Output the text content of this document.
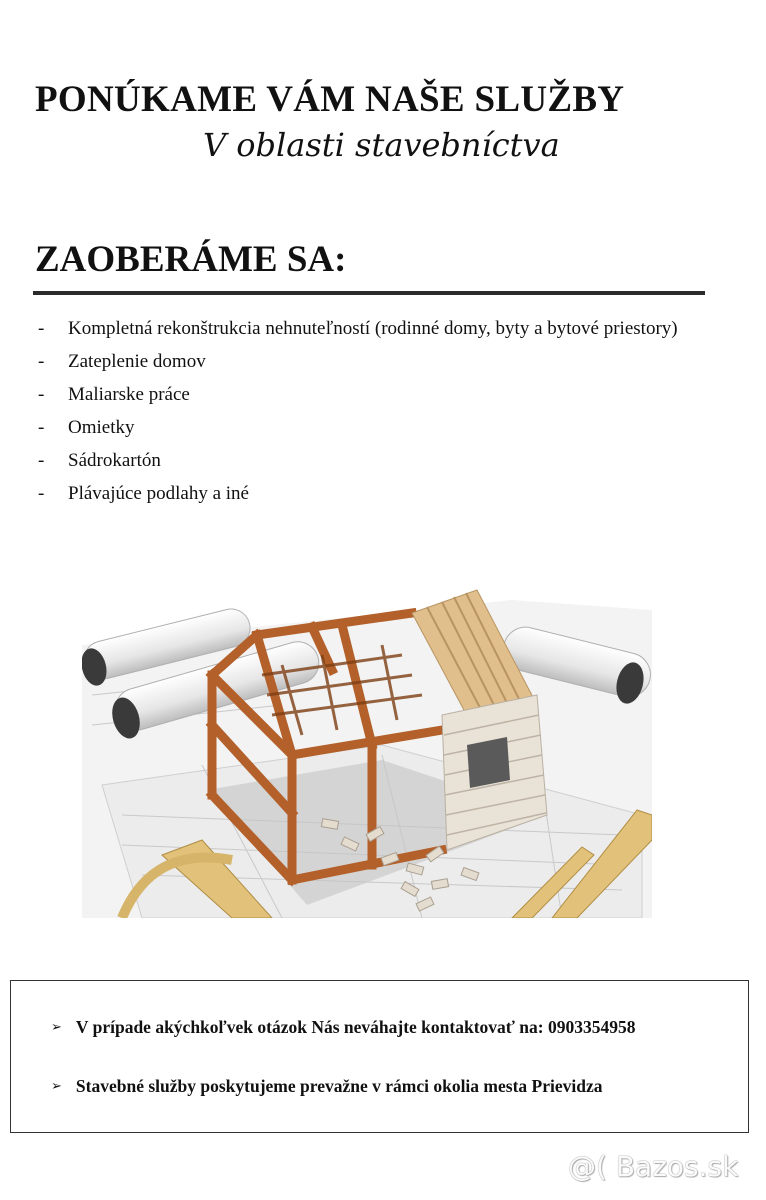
PONÚKAME VÁM NAŠE SLUŽBY
V oblasti stavebníctva
ZAOBERÁME SA:
- Kompletná rekonštrukcia nehnuteľností (rodinné domy, byty a bytové priestory)
- Zateplenie domov
- Maliarske práce
- Omietky
- Sádrokartón
- Plávajúce podlahy a iné
➢ V prípade akýchkoľvek otázok Nás neváhajte kontaktovať na: 0903354958
➢ Stavebné služby poskytujeme prevažne v rámci okolia mesta Prievidza
@( Bazos.sk
